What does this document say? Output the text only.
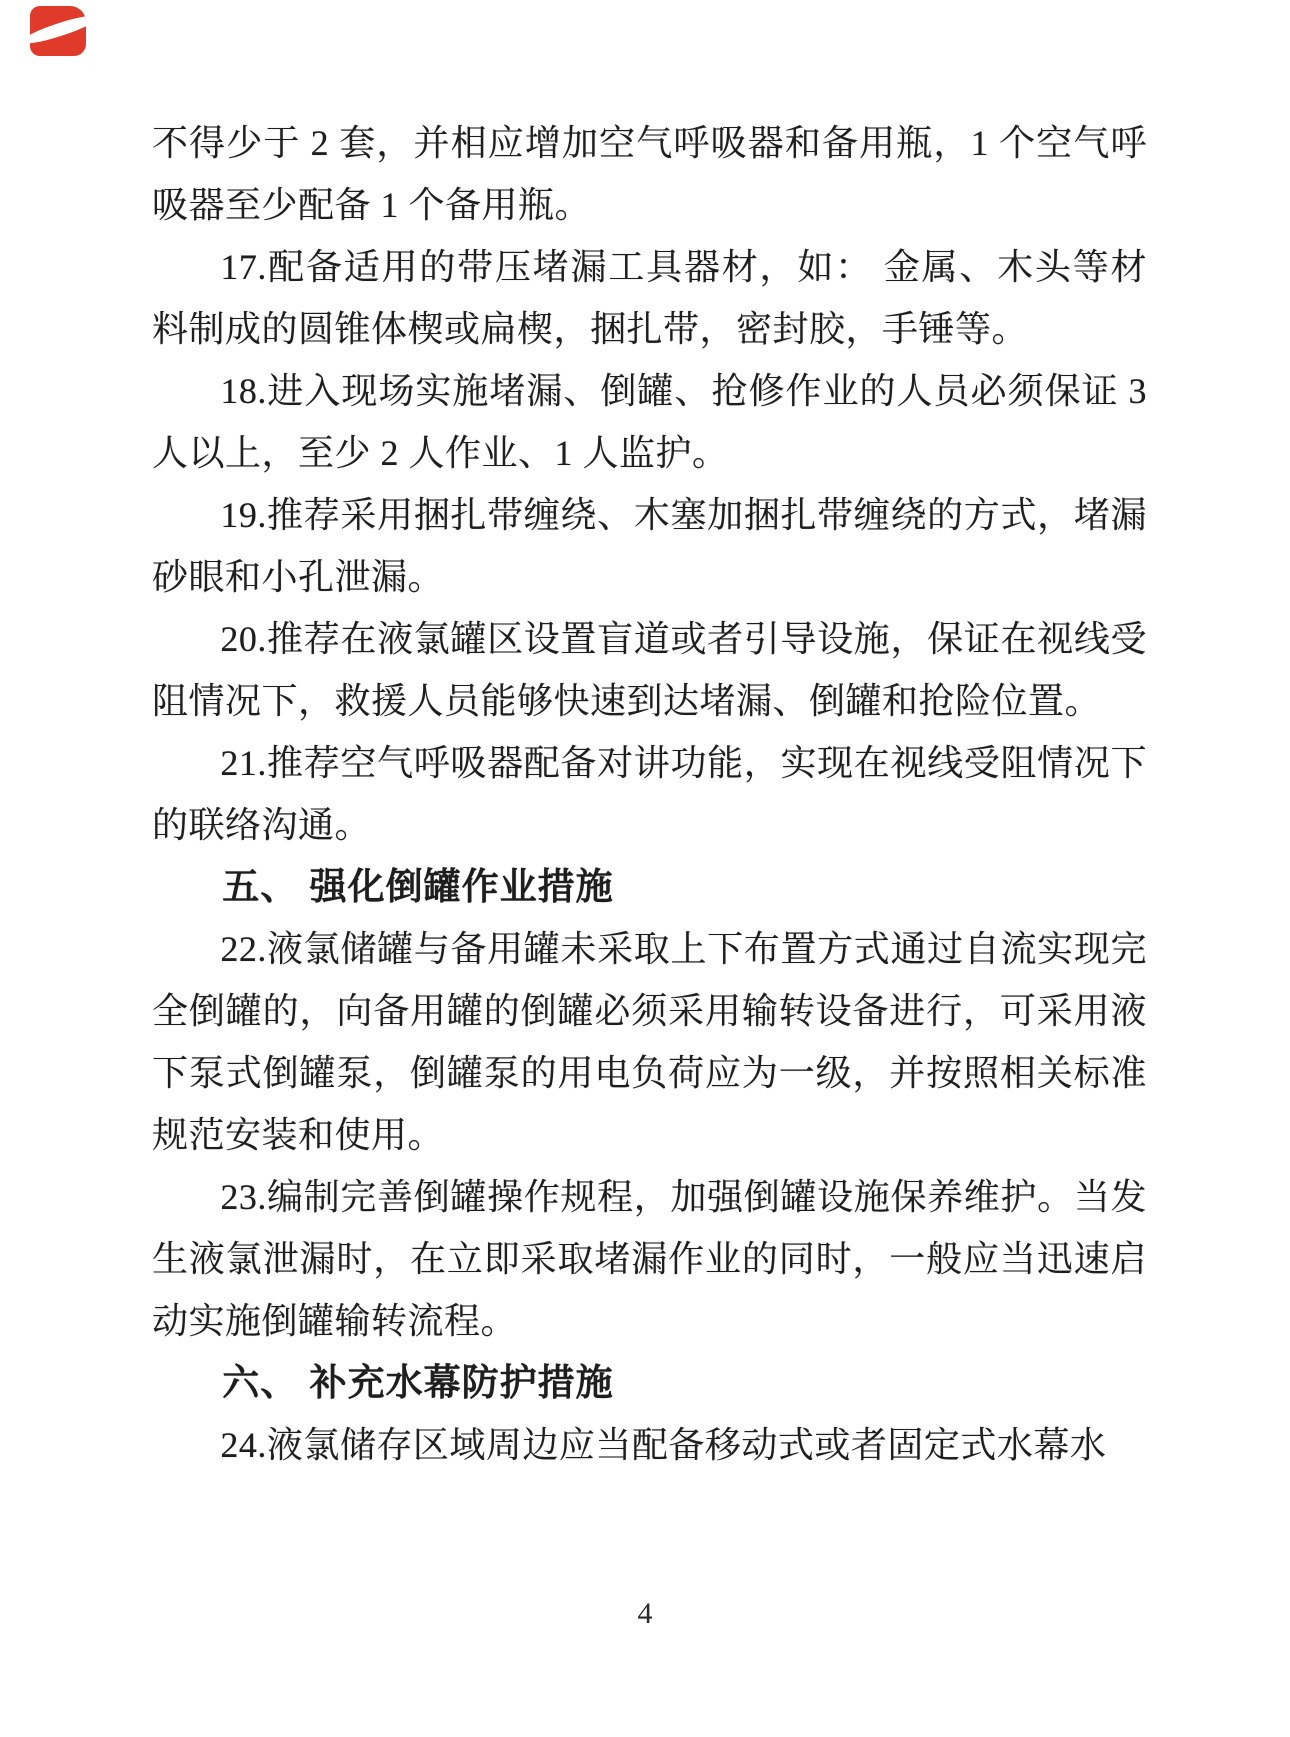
不得少于 2 套，并相应增加空气呼吸器和备用瓶，1 个空气呼吸器至少配备 1 个备用瓶。

17.配备适用的带压堵漏工具器材，如： 金属、木头等材料制成的圆锥体楔或扁楔，捆扎带，密封胶，手锤等。

18.进入现场实施堵漏、倒罐、抢修作业的人员必须保证 3 人以上，至少 2 人作业、1 人监护。

19.推荐采用捆扎带缠绕、木塞加捆扎带缠绕的方式，堵漏砂眼和小孔泄漏。

20.推荐在液氯罐区设置盲道或者引导设施，保证在视线受阻情况下，救援人员能够快速到达堵漏、倒罐和抢险位置。

21.推荐空气呼吸器配备对讲功能，实现在视线受阻情况下的联络沟通。

五、 强化倒罐作业措施

22.液氯储罐与备用罐未采取上下布置方式通过自流实现完全倒罐的，向备用罐的倒罐必须采用输转设备进行，可采用液下泵式倒罐泵，倒罐泵的用电负荷应为一级，并按照相关标准规范安装和使用。

23.编制完善倒罐操作规程，加强倒罐设施保养维护。当发生液氯泄漏时，在立即采取堵漏作业的同时，一般应当迅速启动实施倒罐输转流程。

六、 补充水幕防护措施

24.液氯储存区域周边应当配备移动式或者固定式水幕水

4
